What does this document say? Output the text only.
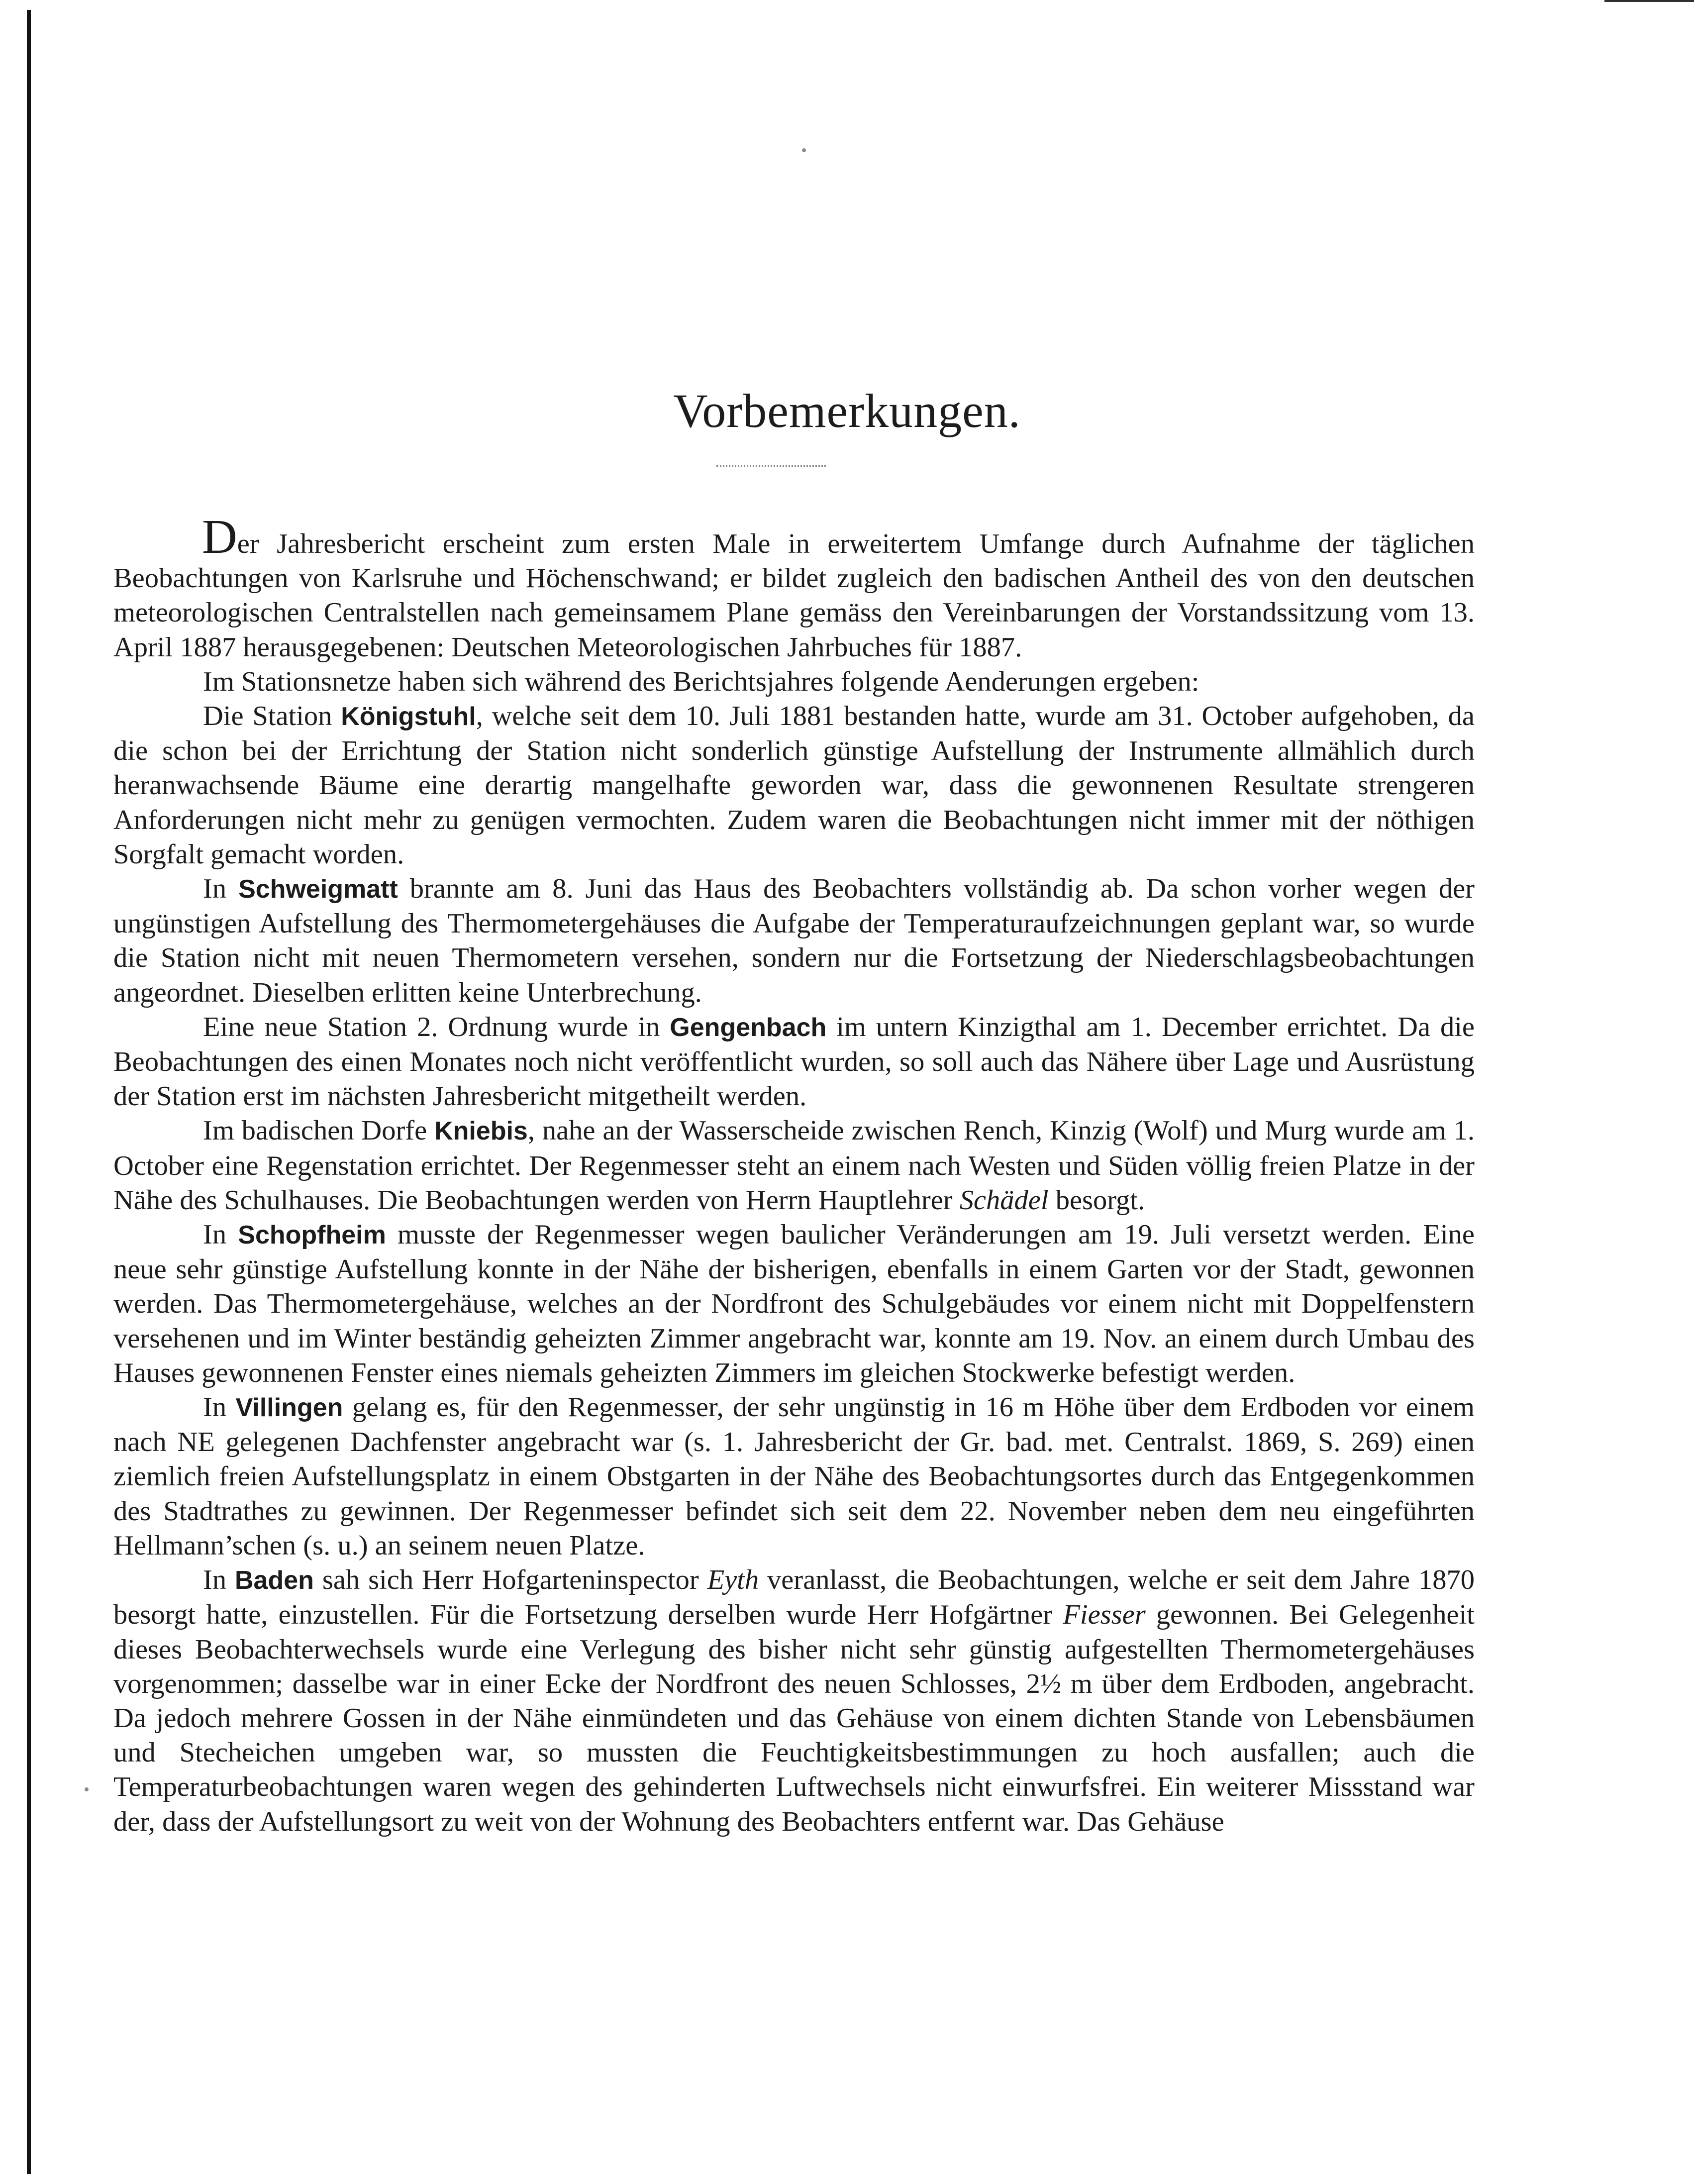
Vorbemerkungen.

Der Jahresbericht erscheint zum ersten Male in erweitertem Umfange durch Aufnahme der täglichen Beobachtungen von Karlsruhe und Höchenschwand; er bildet zugleich den badischen Antheil des von den deutschen meteorologischen Centralstellen nach gemeinsamem Plane gemäss den Vereinbarungen der Vorstandssitzung vom 13. April 1887 herausgegebenen: Deutschen Meteorologischen Jahrbuches für 1887.

Im Stationsnetze haben sich während des Berichtsjahres folgende Aenderungen ergeben:

Die Station Königstuhl, welche seit dem 10. Juli 1881 bestanden hatte, wurde am 31. October aufgehoben, da die schon bei der Errichtung der Station nicht sonderlich günstige Aufstellung der Instrumente allmählich durch heranwachsende Bäume eine derartig mangelhafte geworden war, dass die gewonnenen Resultate strengeren Anforderungen nicht mehr zu genügen vermochten. Zudem waren die Beobachtungen nicht immer mit der nöthigen Sorgfalt gemacht worden.

In Schweigmatt brannte am 8. Juni das Haus des Beobachters vollständig ab. Da schon vorher wegen der ungünstigen Aufstellung des Thermometergehäuses die Aufgabe der Temperaturaufzeichnungen geplant war, so wurde die Station nicht mit neuen Thermometern versehen, sondern nur die Fortsetzung der Niederschlagsbeobachtungen angeordnet. Dieselben erlitten keine Unterbrechung.

Eine neue Station 2. Ordnung wurde in Gengenbach im untern Kinzigthal am 1. December errichtet. Da die Beobachtungen des einen Monates noch nicht veröffentlicht wurden, so soll auch das Nähere über Lage und Ausrüstung der Station erst im nächsten Jahresbericht mitgetheilt werden.

Im badischen Dorfe Kniebis, nahe an der Wasserscheide zwischen Rench, Kinzig (Wolf) und Murg wurde am 1. October eine Regenstation errichtet. Der Regenmesser steht an einem nach Westen und Süden völlig freien Platze in der Nähe des Schulhauses. Die Beobachtungen werden von Herrn Hauptlehrer Schädel besorgt.

In Schopfheim musste der Regenmesser wegen baulicher Veränderungen am 19. Juli versetzt werden. Eine neue sehr günstige Aufstellung konnte in der Nähe der bisherigen, ebenfalls in einem Garten vor der Stadt, gewonnen werden. Das Thermometergehäuse, welches an der Nordfront des Schulgebäudes vor einem nicht mit Doppelfenstern versehenen und im Winter beständig geheizten Zimmer angebracht war, konnte am 19. Nov. an einem durch Umbau des Hauses gewonnenen Fenster eines niemals geheizten Zimmers im gleichen Stockwerke befestigt werden.

In Villingen gelang es, für den Regenmesser, der sehr ungünstig in 16 m Höhe über dem Erdboden vor einem nach NE gelegenen Dachfenster angebracht war (s. 1. Jahresbericht der Gr. bad. met. Centralst. 1869, S. 269) einen ziemlich freien Aufstellungsplatz in einem Obstgarten in der Nähe des Beobachtungsortes durch das Entgegenkommen des Stadtrathes zu gewinnen. Der Regenmesser befindet sich seit dem 22. November neben dem neu eingeführten Hellmann’schen (s. u.) an seinem neuen Platze.

In Baden sah sich Herr Hofgarteninspector Eyth veranlasst, die Beobachtungen, welche er seit dem Jahre 1870 besorgt hatte, einzustellen. Für die Fortsetzung derselben wurde Herr Hofgärtner Fiesser gewonnen. Bei Gelegenheit dieses Beobachterwechsels wurde eine Verlegung des bisher nicht sehr günstig aufgestellten Thermometergehäuses vorgenommen; dasselbe war in einer Ecke der Nordfront des neuen Schlosses, 2½ m über dem Erdboden, angebracht. Da jedoch mehrere Gossen in der Nähe einmündeten und das Gehäuse von einem dichten Stande von Lebensbäumen und Stecheichen umgeben war, so mussten die Feuchtigkeitsbestimmungen zu hoch ausfallen; auch die Temperaturbeobachtungen waren wegen des gehinderten Luftwechsels nicht einwurfsfrei. Ein weiterer Missstand war der, dass der Aufstellungsort zu weit von der Wohnung des Beobachters entfernt war. Das Gehäuse
